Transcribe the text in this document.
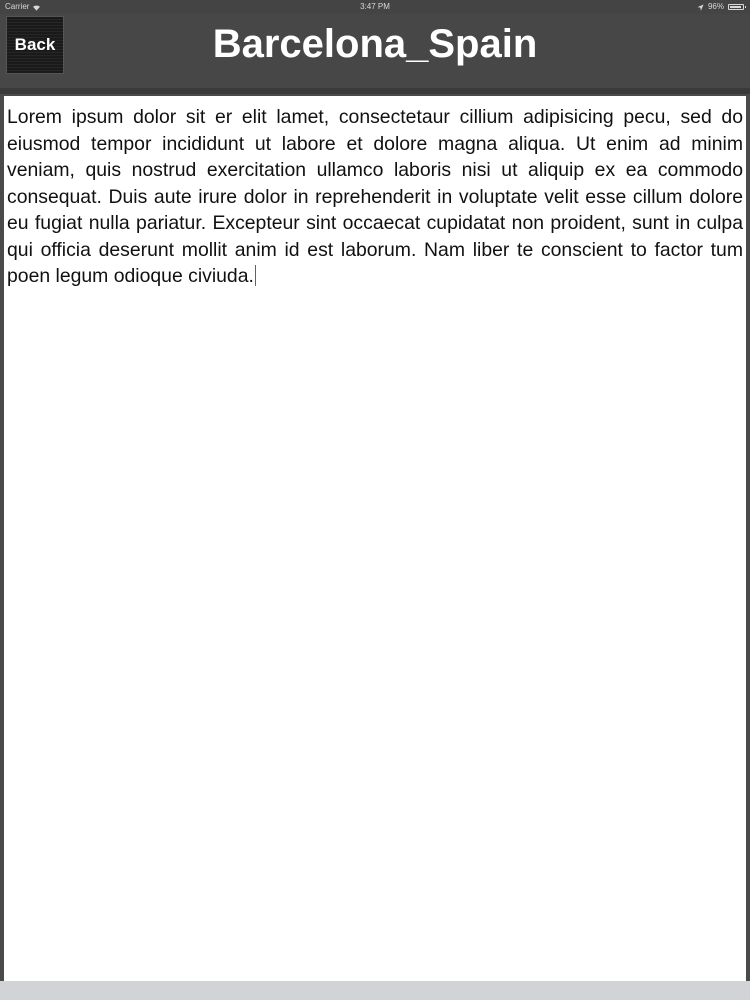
Carrier	3:47 PM	96%
Back	Barcelona_Spain

Lorem ipsum dolor sit er elit lamet, consectetaur cillium adipisicing pecu, sed do eiusmod tempor incididunt ut labore et dolore magna aliqua. Ut enim ad minim veniam, quis nostrud exercitation ullamco laboris nisi ut aliquip ex ea commodo consequat. Duis aute irure dolor in reprehenderit in voluptate velit esse cillum dolore eu fugiat nulla pariatur. Excepteur sint occaecat cupidatat non proident, sunt in culpa qui officia deserunt mollit anim id est laborum. Nam liber te conscient to factor tum poen legum odioque civiuda.
